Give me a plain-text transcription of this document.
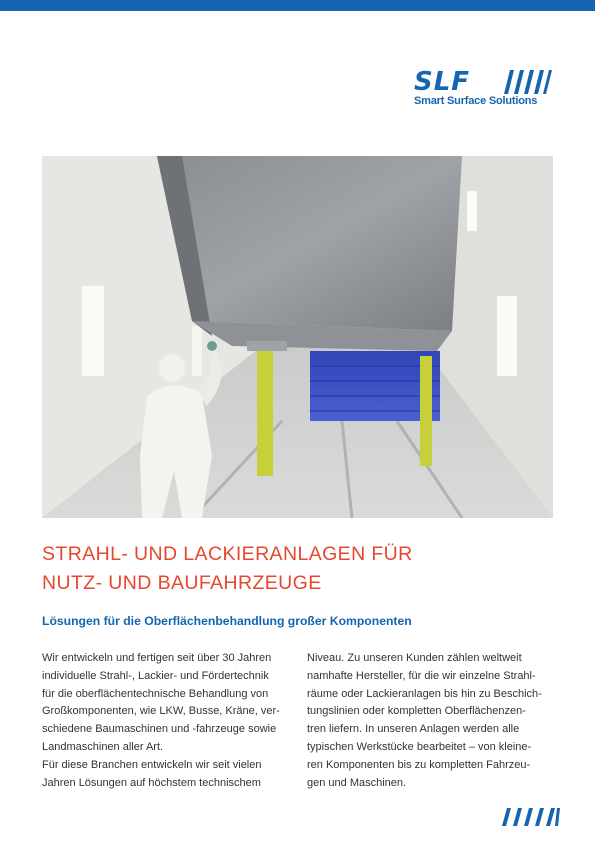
SLF
Smart Surface Solutions
STRAHL- UND LACKIERANLAGEN FÜR
NUTZ- UND BAUFAHRZEUGE
Lösungen für die Oberflächenbehandlung großer Komponenten

Wir entwickeln und fertigen seit über 30 Jahren
individuelle Strahl-, Lackier- und Fördertechnik
für die oberflächentechnische Behandlung von
Großkomponenten, wie LKW, Busse, Kräne, ver-
schiedene Baumaschinen und -fahrzeuge sowie
Landmaschinen aller Art.
Für diese Branchen entwickeln wir seit vielen
Jahren Lösungen auf höchstem technischem

Niveau. Zu unseren Kunden zählen weltweit
namhafte Hersteller, für die wir einzelne Strahl-
räume oder Lackieranlagen bis hin zu Beschich-
tungslinien oder kompletten Oberflächenzen-
tren liefern. In unseren Anlagen werden alle
typischen Werkstücke bearbeitet – von kleine-
ren Komponenten bis zu kompletten Fahrzeu-
gen und Maschinen.
